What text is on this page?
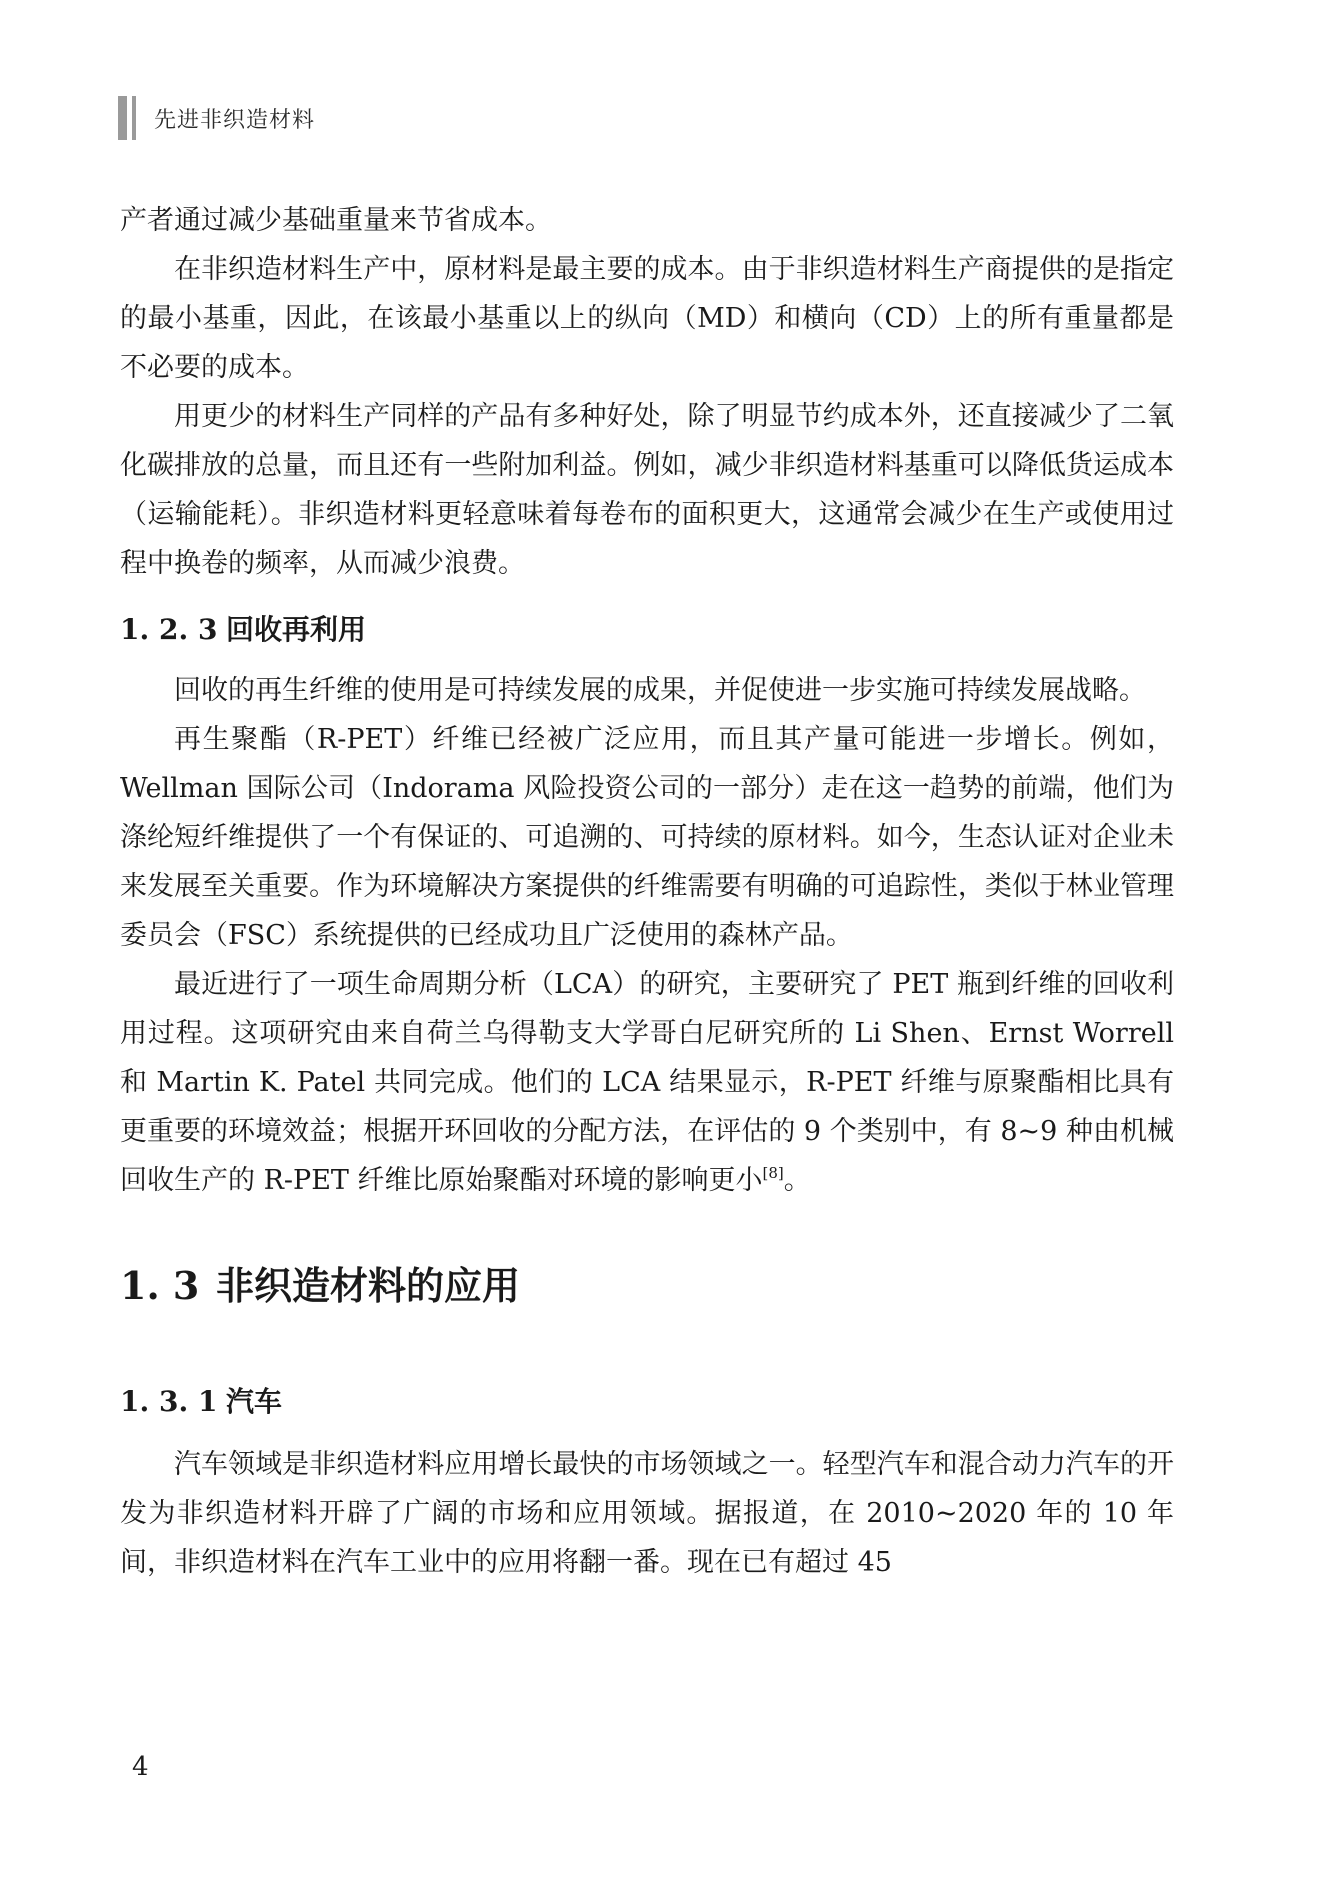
先进非织造材料

产者通过减少基础重量来节省成本。

在非织造材料生产中，原材料是最主要的成本。由于非织造材料生产商提供的是指定的最小基重，因此，在该最小基重以上的纵向（MD）和横向（CD）上的所有重量都是不必要的成本。

用更少的材料生产同样的产品有多种好处，除了明显节约成本外，还直接减少了二氧化碳排放的总量，而且还有一些附加利益。例如，减少非织造材料基重可以降低货运成本（运输能耗）。非织造材料更轻意味着每卷布的面积更大，这通常会减少在生产或使用过程中换卷的频率，从而减少浪费。

1. 2. 3 回收再利用

回收的再生纤维的使用是可持续发展的成果，并促使进一步实施可持续发展战略。

再生聚酯（R-PET）纤维已经被广泛应用，而且其产量可能进一步增长。例如，Wellman 国际公司（Indorama 风险投资公司的一部分）走在这一趋势的前端，他们为涤纶短纤维提供了一个有保证的、可追溯的、可持续的原材料。如今，生态认证对企业未来发展至关重要。作为环境解决方案提供的纤维需要有明确的可追踪性，类似于林业管理委员会（FSC）系统提供的已经成功且广泛使用的森林产品。

最近进行了一项生命周期分析（LCA）的研究，主要研究了 PET 瓶到纤维的回收利用过程。这项研究由来自荷兰乌得勒支大学哥白尼研究所的 Li Shen、Ernst Worrell 和 Martin K. Patel 共同完成。他们的 LCA 结果显示，R-PET 纤维与原聚酯相比具有更重要的环境效益；根据开环回收的分配方法，在评估的 9 个类别中，有 8~9 种由机械回收生产的 R-PET 纤维比原始聚酯对环境的影响更小[8]。

1. 3 非织造材料的应用
1. 3. 1 汽车

汽车领域是非织造材料应用增长最快的市场领域之一。轻型汽车和混合动力汽车的开发为非织造材料开辟了广阔的市场和应用领域。据报道，在 2010~2020 年的 10 年间，非织造材料在汽车工业中的应用将翻一番。现在已有超过 45

4
